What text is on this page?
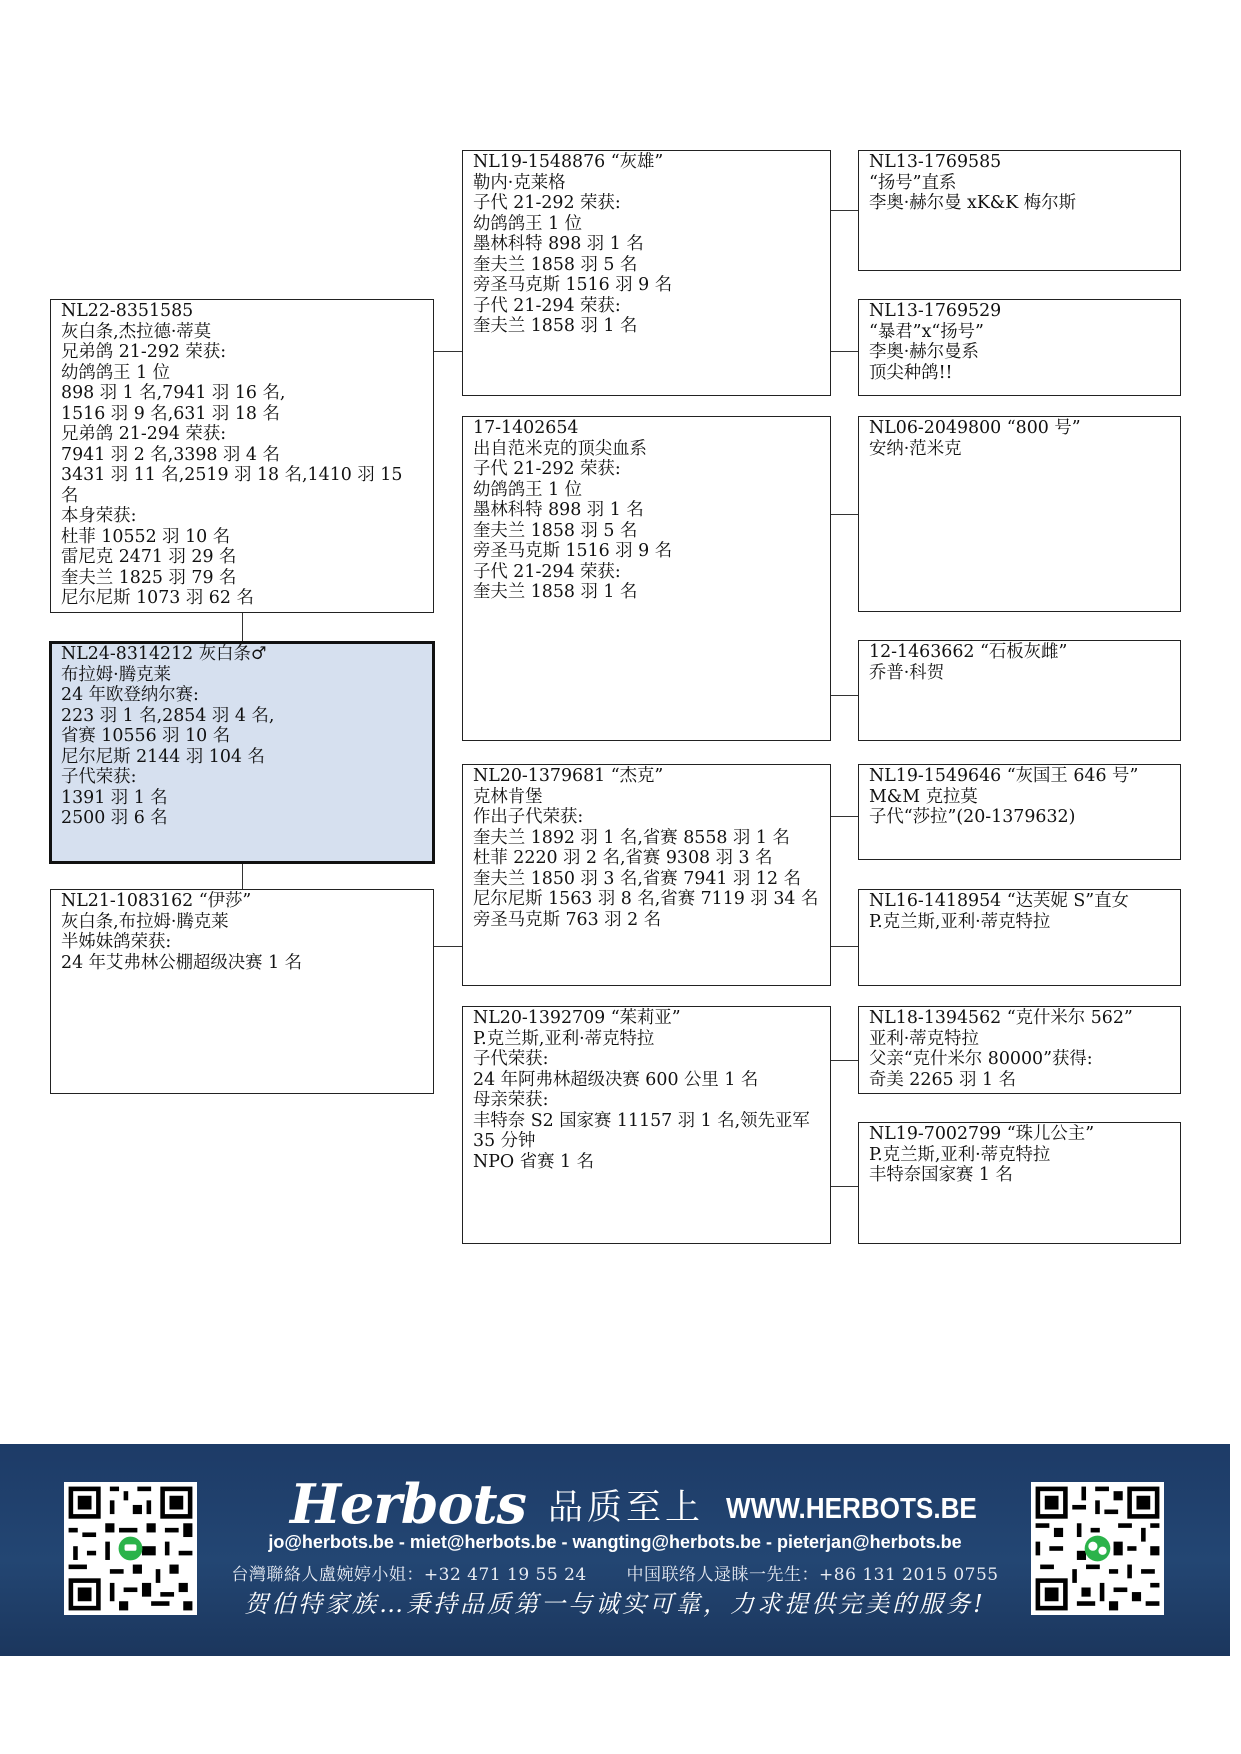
NL24-8314212 灰白条♂
布拉姆·腾克莱
24 年欧登纳尔赛:
223 羽 1 名,2854 羽 4 名,
省赛 10556 羽 10 名
尼尔尼斯 2144 羽 104 名
子代荣获:
1391 羽 1 名
2500 羽 6 名
NL22-8351585
灰白条,杰拉德·蒂莫
兄弟鸽 21-292 荣获:
幼鸽鸽王 1 位
898 羽 1 名,7941 羽 16 名,
1516 羽 9 名,631 羽 18 名
兄弟鸽 21-294 荣获:
7941 羽 2 名,3398 羽 4 名
3431 羽 11 名,2519 羽 18 名,1410 羽 15 名
本身荣获:
杜菲 10552 羽 10 名
雷尼克 2471 羽 29 名
奎夫兰 1825 羽 79 名
尼尔尼斯 1073 羽 62 名
NL21-1083162 “伊莎”
灰白条,布拉姆·腾克莱
半姊妹鸽荣获:
24 年艾弗林公棚超级决赛 1 名
NL19-1548876 “灰雄”
勒内·克莱格
子代 21-292 荣获:
幼鸽鸽王 1 位
墨林科特 898 羽 1 名
奎夫兰 1858 羽 5 名
旁圣马克斯 1516 羽 9 名
子代 21-294 荣获:
奎夫兰 1858 羽 1 名
17-1402654
出自范米克的顶尖血系
子代 21-292 荣获:
幼鸽鸽王 1 位
墨林科特 898 羽 1 名
奎夫兰 1858 羽 5 名
旁圣马克斯 1516 羽 9 名
子代 21-294 荣获:
奎夫兰 1858 羽 1 名
NL20-1379681 “杰克”
克林肯堡
作出子代荣获:
奎夫兰 1892 羽 1 名,省赛 8558 羽 1 名
杜菲 2220 羽 2 名,省赛 9308 羽 3 名
奎夫兰 1850 羽 3 名,省赛 7941 羽 12 名
尼尔尼斯 1563 羽 8 名,省赛 7119 羽 34 名
旁圣马克斯 763 羽 2 名
NL20-1392709 “茱莉亚”
P.克兰斯,亚利·蒂克特拉
子代荣获:
24 年阿弗林超级决赛 600 公里 1 名
母亲荣获:
丰特奈 S2 国家赛 11157 羽 1 名,领先亚军 35 分钟
NPO 省赛 1 名
NL13-1769585
“扬号”直系
李奥·赫尔曼 xK&K 梅尔斯
NL13-1769529
“暴君”x“扬号”
李奥·赫尔曼系
顶尖种鸽!!
NL06-2049800 “800 号”
安纳·范米克
12-1463662 “石板灰雌”
乔普·科贺
NL19-1549646 “灰国王 646 号”
M&M 克拉莫
子代“莎拉”(20-1379632)
NL16-1418954 “达芙妮 S”直女
P.克兰斯,亚利·蒂克特拉
NL18-1394562 “克什米尔 562”
亚利·蒂克特拉
父亲“克什米尔 80000”获得:
奇美 2265 羽 1 名
NL19-7002799 “珠儿公主”
P.克兰斯,亚利·蒂克特拉
丰特奈国家赛 1 名
Herbots 品质至上 WWW.HERBOTS.BE
jo@herbots.be - miet@herbots.be - wangting@herbots.be - pieterjan@herbots.be
台灣聯絡人盧婉婷小姐：+32 471 19 55 24 中国联络人逯睐一先生：+86 131 2015 0755
贺伯特家族…秉持品质第一与诚实可靠，力求提供完美的服务!
